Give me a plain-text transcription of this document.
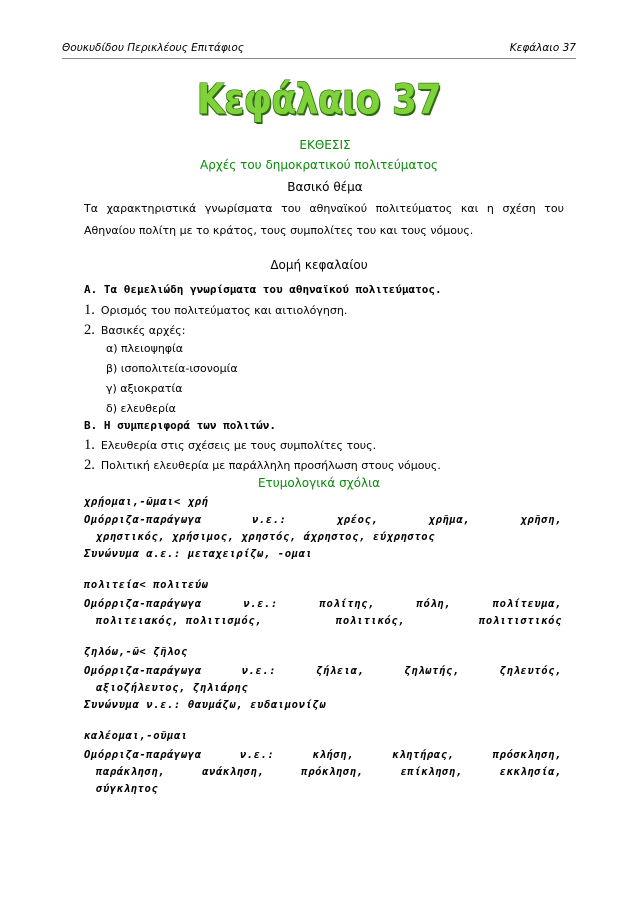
Θουκυδίδου Περικλέους Επιτάφιος	Κεφάλαιο 37
Κεφάλαιο 37
ΕΚΘΕΣΙΣ
Αρχές του δημοκρατικού πολιτεύματος
Βασικό θέμα
Τα χαρακτηριστικά γνωρίσματα του αθηναϊκού πολιτεύματος και η σχέση του
Αθηναίου πολίτη με το κράτος, τους συμπολίτες του και τους νόμους.
Δομή κεφαλαίου
Α. Τα θεμελιώδη γνωρίσματα του αθηναϊκού πολιτεύματος.
1. Ορισμός του πολιτεύματος και αιτιολόγηση.
2. Βασικές αρχές:
α) πλειοψηφία
β) ισοπολιτεία-ισονομία
γ) αξιοκρατία
δ) ελευθερία
Β. Η συμπεριφορά των πολιτών.
1. Ελευθερία στις σχέσεις με τους συμπολίτες τους.
2. Πολιτική ελευθερία με παράλληλη προσήλωση στους νόμους.
Ετυμολογικά σχόλια
χρῄομαι,-ῶμαι< χρή
Ομόρριζα-παράγωγα	ν.ε.:	χρέος,	χρῆμα,	χρῆση,
χρηστικός, χρήσιμος, χρηστός, άχρηστος, εύχρηστος
Συνώνυμα α.ε.: μεταχειρίζω, -ομαι
πολιτεία< πολιτεύω
Ομόρριζα-παράγωγα	ν.ε.:	πολίτης,	πόλη,	πολίτευμα,
πολιτειακός, πολιτισμός,	πολιτικός,	πολιτιστικός
ζηλόω,-ῶ< ζῆλος
Ομόρριζα-παράγωγα	ν.ε.:	ζήλεια,	ζηλωτής,	ζηλευτός,
αξιοζήλευτος, ζηλιάρης
Συνώνυμα ν.ε.: θαυμάζω, ευδαιμονίζω
καλέομαι,-οῦμαι
Ομόρριζα-παράγωγα	ν.ε.:	κλήση,	κλητήρας,	πρόσκληση,
παράκληση,	ανάκληση,	πρόκληση,	επίκληση,	εκκλησία,
σύγκλητος
